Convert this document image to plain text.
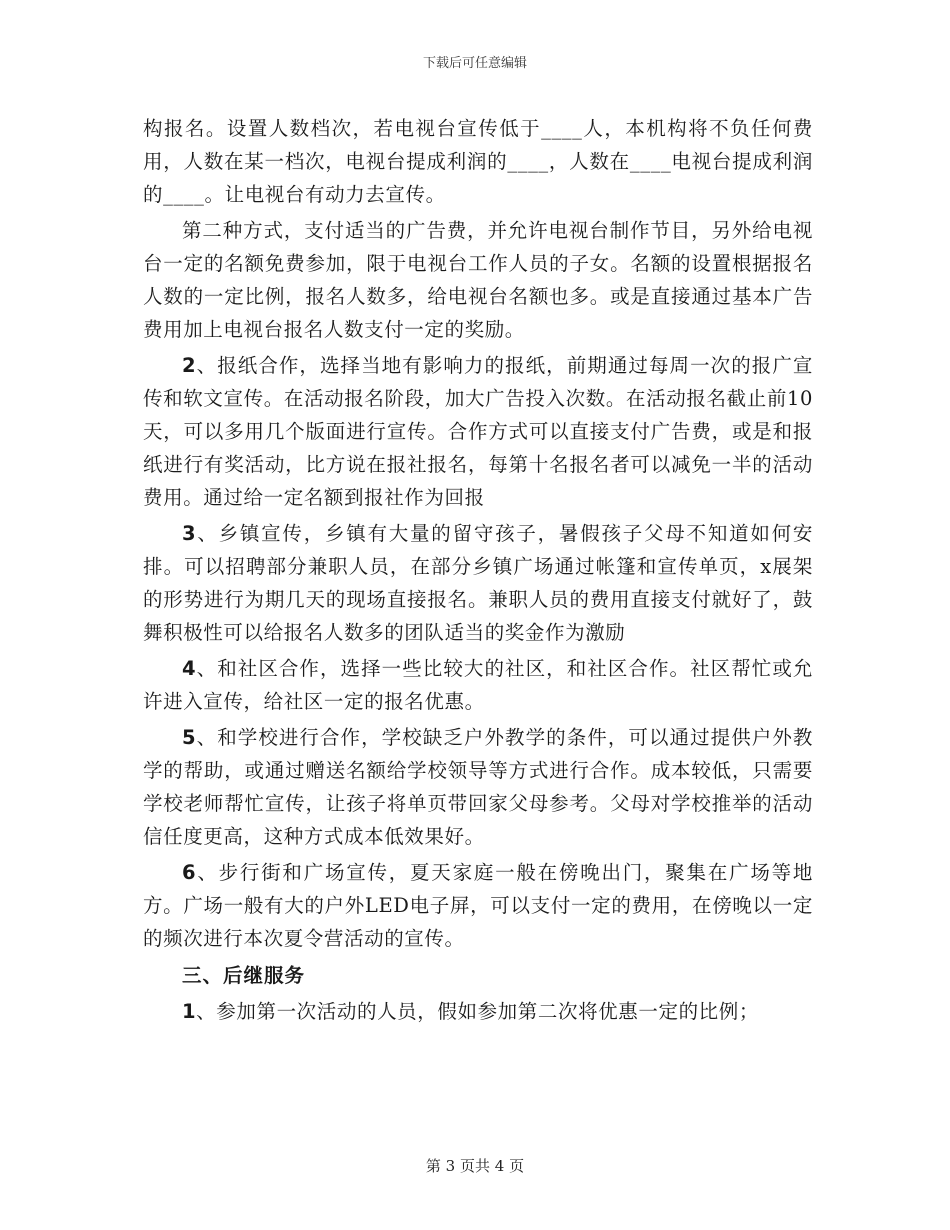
下载后可任意编辑

构报名。设置人数档次，若电视台宣传低于____人，本机构将不负任何费用，人数在某一档次，电视台提成利润的____，人数在____电视台提成利润的____。让电视台有动力去宣传。

第二种方式，支付适当的广告费，并允许电视台制作节目，另外给电视台一定的名额免费参加，限于电视台工作人员的子女。名额的设置根据报名人数的一定比例，报名人数多，给电视台名额也多。或是直接通过基本广告费用加上电视台报名人数支付一定的奖励。

2、报纸合作，选择当地有影响力的报纸，前期通过每周一次的报广宣传和软文宣传。在活动报名阶段，加大广告投入次数。在活动报名截止前10天，可以多用几个版面进行宣传。合作方式可以直接支付广告费，或是和报纸进行有奖活动，比方说在报社报名，每第十名报名者可以减免一半的活动费用。通过给一定名额到报社作为回报

3、乡镇宣传，乡镇有大量的留守孩子，暑假孩子父母不知道如何安排。可以招聘部分兼职人员，在部分乡镇广场通过帐篷和宣传单页，x展架的形势进行为期几天的现场直接报名。兼职人员的费用直接支付就好了，鼓舞积极性可以给报名人数多的团队适当的奖金作为激励

4、和社区合作，选择一些比较大的社区，和社区合作。社区帮忙或允许进入宣传，给社区一定的报名优惠。

5、和学校进行合作，学校缺乏户外教学的条件，可以通过提供户外教学的帮助，或通过赠送名额给学校领导等方式进行合作。成本较低，只需要学校老师帮忙宣传，让孩子将单页带回家父母参考。父母对学校推举的活动信任度更高，这种方式成本低效果好。

6、步行街和广场宣传，夏天家庭一般在傍晚出门，聚集在广场等地方。广场一般有大的户外LED电子屏，可以支付一定的费用，在傍晚以一定的频次进行本次夏令营活动的宣传。

三、后继服务

1、参加第一次活动的人员，假如参加第二次将优惠一定的比例；

第 3 页共 4 页
